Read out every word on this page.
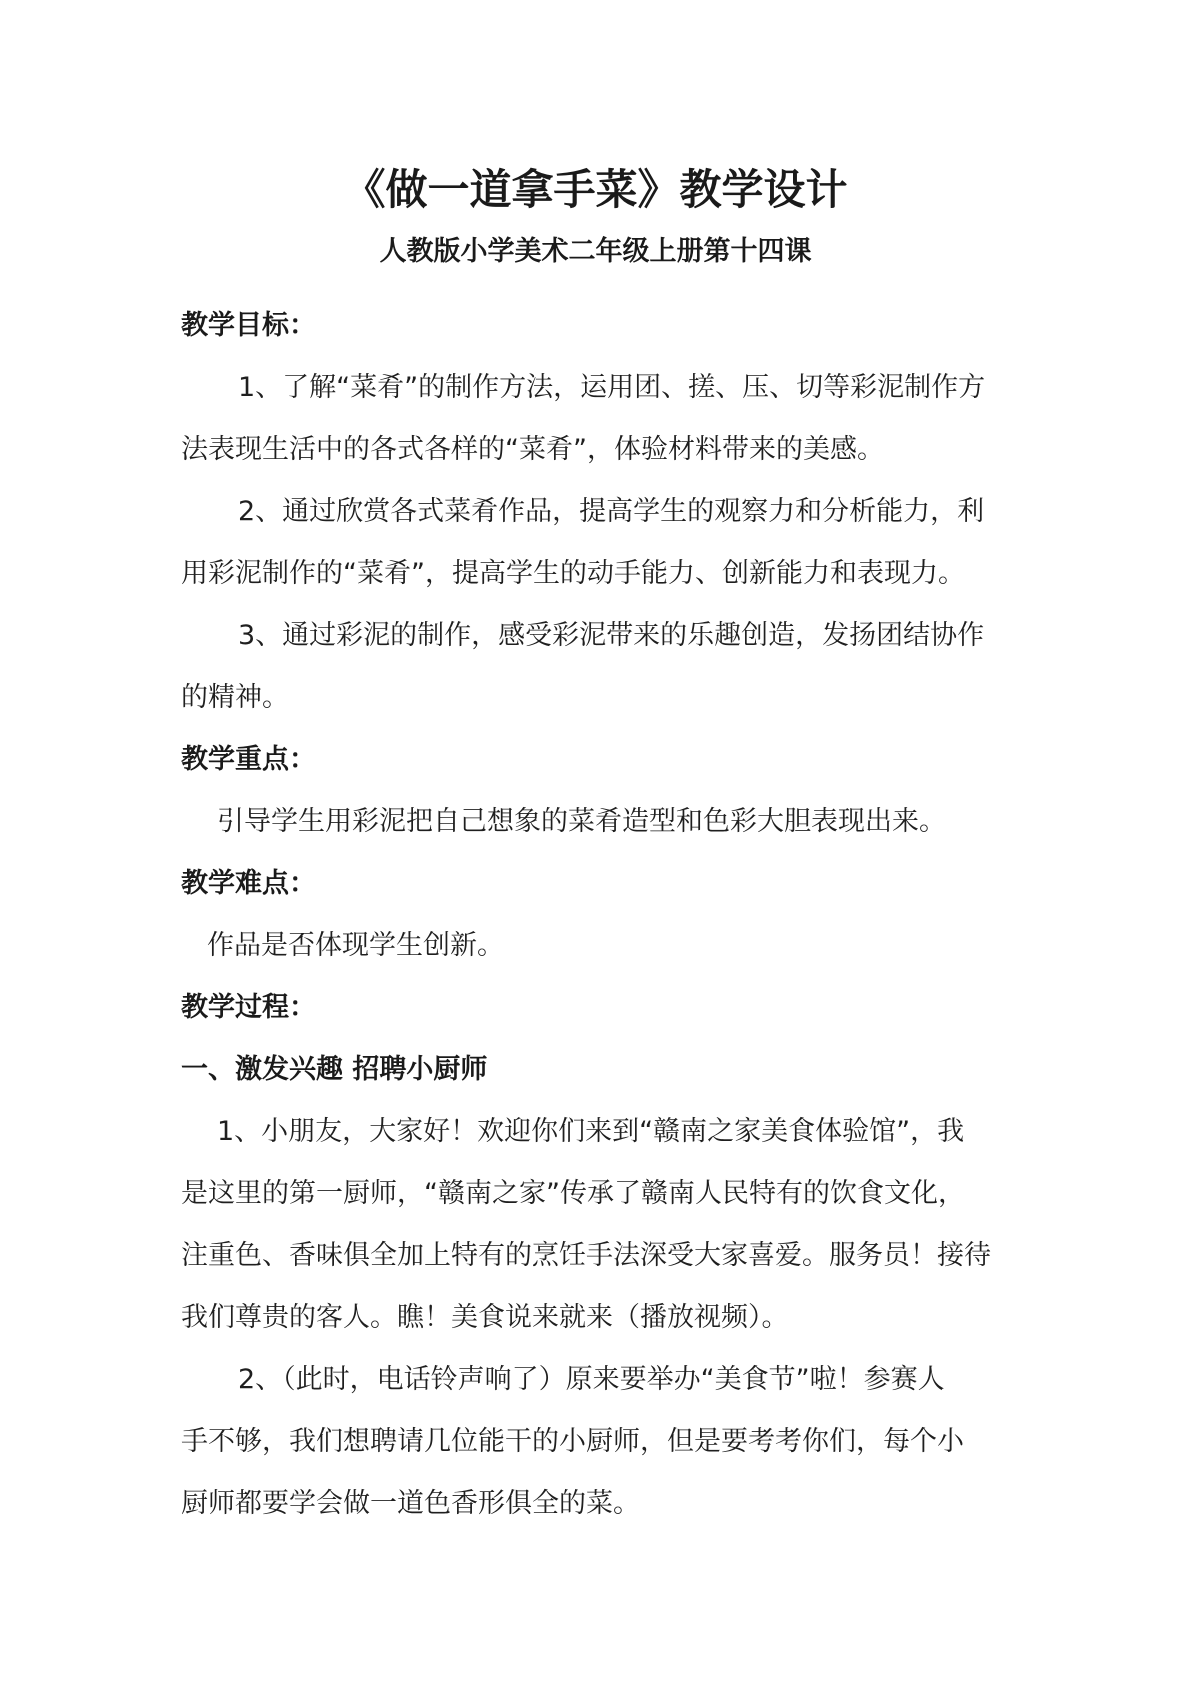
《做一道拿手菜》教学设计
人教版小学美术二年级上册第十四课

教学目标：

1、了解“菜肴”的制作方法，运用团、搓、压、切等彩泥制作方

法表现生活中的各式各样的“菜肴”，体验材料带来的美感。

2、通过欣赏各式菜肴作品，提高学生的观察力和分析能力，利

用彩泥制作的“菜肴”，提高学生的动手能力、创新能力和表现力。

3、通过彩泥的制作，感受彩泥带来的乐趣创造，发扬团结协作

的精神。

教学重点：

引导学生用彩泥把自己想象的菜肴造型和色彩大胆表现出来。

教学难点：

作品是否体现学生创新。

教学过程：

一、激发兴趣 招聘小厨师

1、小朋友，大家好！欢迎你们来到“赣南之家美食体验馆”，我

是这里的第一厨师，“赣南之家”传承了赣南人民特有的饮食文化，

注重色、香味俱全加上特有的烹饪手法深受大家喜爱。服务员！接待

我们尊贵的客人。瞧！美食说来就来（播放视频）。

2、（此时，电话铃声响了）原来要举办“美食节”啦！参赛人

手不够，我们想聘请几位能干的小厨师，但是要考考你们，每个小

厨师都要学会做一道色香形俱全的菜。
